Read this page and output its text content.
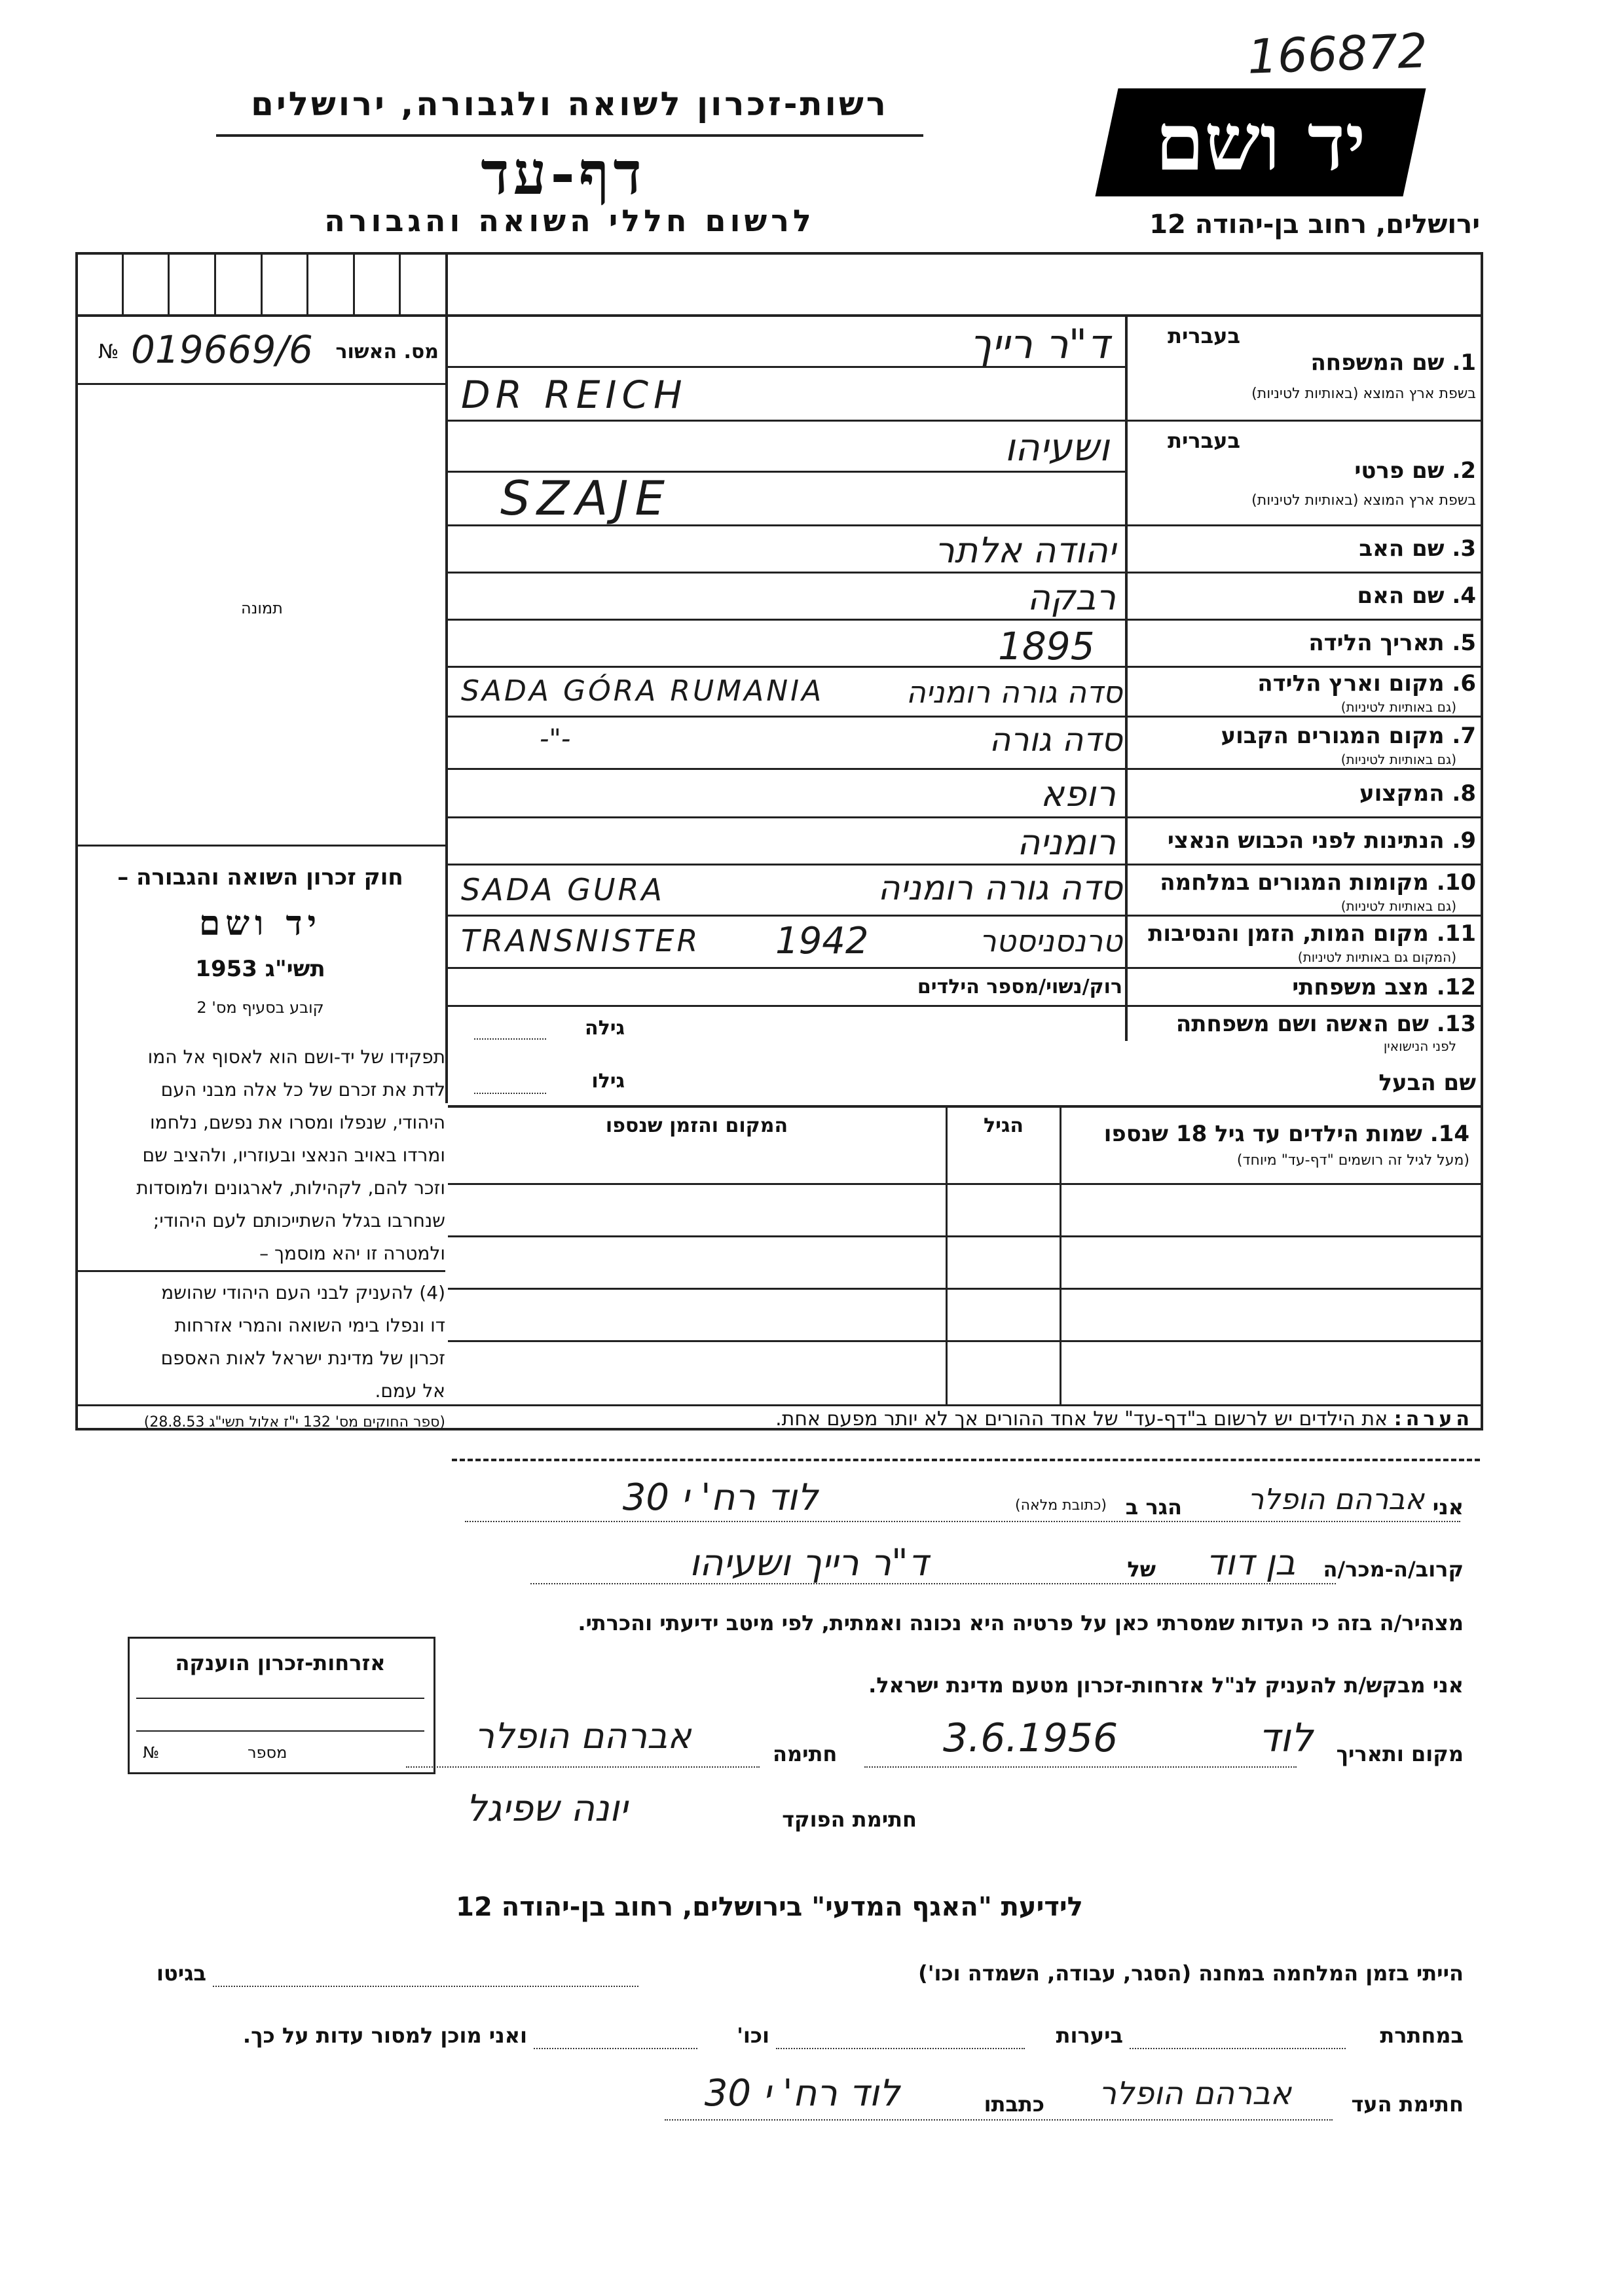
166872
יד ושם
רשות-זכרון לשואה ולגבורה, ירושלים
דף-עד
לרשום חללי השואה והגבורה	ירושלים, רחוב בן-יהודה 12
№ 019669/6 מס. האשור
תמונה
חוק זכרון השואה והגבורה –
יד ושם
1953 תשי"ג
קובע בסעיף מס' 2
תפקידו של יד-ושם הוא לאסוף אל המו
לדת את זכרם של כל אלה מבני העם
היהודי, שנפלו ומסרו את נפשם, נלחמו
ומרדו באויב הנאצי ובעוזריו, ולהציב שם
וזכר להם, לקהילות, לארגונים ולמוסדות
שנחרבו בגלל השתייכותם לעם היהודי;
ולמטרה זו יהא מוסמך –
(4) להעניק לבני העם היהודי שהושמ
דו ונפלו בימי השואה והמרי אזרחות
זכרון של מדינת ישראל לאות האספם
אל עמם.
(ספר החוקים מס' 132 י"ז אלול תשי"ג 28.8.53)
בעברית
1. שם המשפחה
בשפת ארץ המוצא (באותיות לטיניות)
ד"ר רייך
DR REICH
בעברית
2. שם פרטי
בשפת ארץ המוצא (באותיות לטיניות)
ושעיהו
SZAJE
3. שם האב
יהודה אלתר
4. שם האם
רבקה
5. תאריך הלידה
1895
6. מקום וארץ הלידה
(גם באותיות לטיניות)
SADA GÓRA RUMANIA	סדה גורה רומניה
7. מקום המגורים הקבוע
(גם באותיות לטיניות)
-"-	סדה גורה
8. המקצוע
רופא
9. הנתינות לפני הכבוש הנאצי
רומניה
10. מקומות המגורים במלחמה
(גם באותיות לטיניות)
SADA GURA	סדה גורה רומניה
11. מקום המות, הזמן והנסיבות
(המקום גם באותיות לטיניות)
TRANSNISTER 1942	טרנסניסטר
12. מצב משפחתי
רוק/נשוי/מספר הילדים
13. שם האשה ושם משפחתה
לפני הנישואין
גילה
שם הבעל
גילו
המקום והזמן שנספו	הגיל	14. שמות הילדים עד גיל 18 שנספו
(מעל לגיל זה רושמים "דף-עד" מיוחד)
הערה: את הילדים יש לרשום ב"דף-עד" של אחד ההורים אך לא יותר מפעם אחת.
אני
אברהם הופלר
הגר ב
(כתובת מלאה)
לוד רח' י 30
קרוב/ה-מכר/ה
בן דוד
של
ד"ר רייך ושעיהו
מצהיר/ה בזה כי העדות שמסרתי כאן על פרטיה היא נכונה ואמתית, לפי מיטב ידיעתי והכרתי.
אני מבקש/ת להעניק לנ"ל אזרחות-זכרון מטעם מדינת ישראל.
מקום ותאריך
לוד
3.6.1956
חתימה
אברהם הופלר
חתימת הפוקד
יונה שפיגל
אזרחות-זכרון הוענקה
מספר
№
לידיעת "האגף המדעי" בירושלים, רחוב בן-יהודה 12
הייתי בזמן המלחמה במחנה (הסגר, עבודה, השמדה וכו')
בגיטו
במחתרת
ביערות
וכו'
ואני מוכן למסור עדות על כך.
חתימת העד
אברהם הופלר
כתבתו
לוד רח' י 30
